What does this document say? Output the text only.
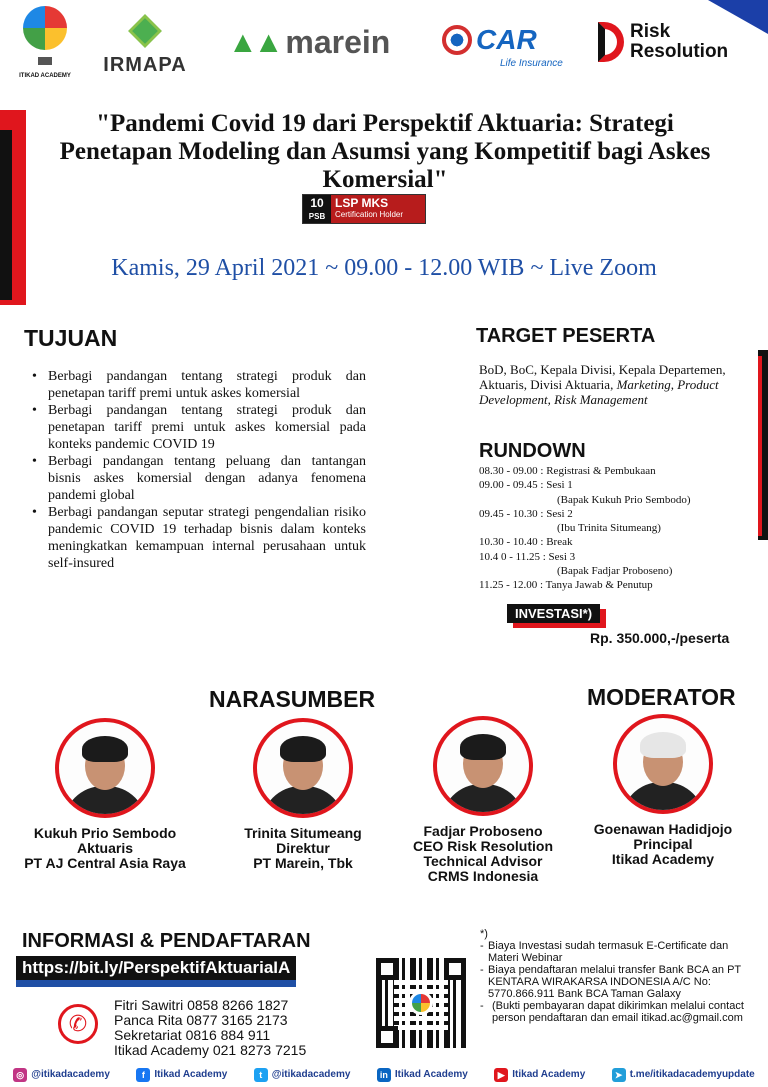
ITIKAD ACADEMY IRMAPA
▲▲ marein	CAR
Life Insurance
Risk
Resolution
"Pandemi Covid 19 dari Perspektif Aktuaria: Strategi Penetapan Modeling dan Asumsi yang Kompetitif bagi Askes Komersial"
10
PSB
LSP MKS
Certification Holder
Kamis, 29 April 2021 ~ 09.00 - 12.00 WIB ~ Live Zoom
TUJUAN
• Berbagi pandangan tentang strategi produk dan penetapan tariff premi untuk askes komersial
• Berbagi pandangan tentang strategi produk dan penetapan tariff premi untuk askes komersial pada konteks pandemic COVID 19
• Berbagi pandangan tentang peluang dan tantangan bisnis askes komersial dengan adanya fenomena pandemi global
• Berbagi pandangan seputar strategi pengendalian risiko pandemic COVID 19 terhadap bisnis dalam konteks meningkatkan kemampuan internal perusahaan untuk self-insured
TARGET PESERTA
BoD, BoC, Kepala Divisi, Kepala Departemen, Aktuaris, Divisi Aktuaria, Marketing, Product Development, Risk Management
RUNDOWN
08.30 - 09.00 : Registrasi & Pembukaan
09.00 - 09.45 : Sesi 1
(Bapak Kukuh Prio Sembodo)
09.45 - 10.30 : Sesi 2
(Ibu Trinita Situmeang)
10.30 - 10.40 : Break
10.4 0 - 11.25 : Sesi 3
(Bapak Fadjar Proboseno)
11.25 - 12.00 : Tanya Jawab & Penutup
INVESTASI*)
Rp. 350.000,-/peserta
NARASUMBER	MODERATOR
Kukuh Prio Sembodo
Aktuaris
PT AJ Central Asia Raya
Trinita Situmeang
Direktur
PT Marein, Tbk
Fadjar Proboseno
CEO Risk Resolution
Technical Advisor
CRMS Indonesia
Goenawan Hadidjojo
Principal
Itikad Academy
INFORMASI & PENDAFTARAN
https://bit.ly/PerspektifAktuariaIA
✆
Fitri Sawitri 0858 8266 1827
Panca Rita 0877 3165 2173
Sekretariat 0816 884 911
Itikad Academy 021 8273 7215
*)
- Biaya Investasi sudah termasuk E-Certificate dan Materi Webinar
- Biaya pendaftaran melalui transfer Bank BCA an PT KENTARA WIRAKARSA INDONESIA A/C No: 5770.866.911 Bank BCA Taman Galaxy
- (Bukti pembayaran dapat dikirimkan melalui contact person pendaftaran dan email itikad.ac@gmail.com
◎ @itikadacademy	f Itikad Academy	t @itikadacademy	in Itikad Academy	▶ Itikad Academy	➤ t.me/itikadacademyupdate
